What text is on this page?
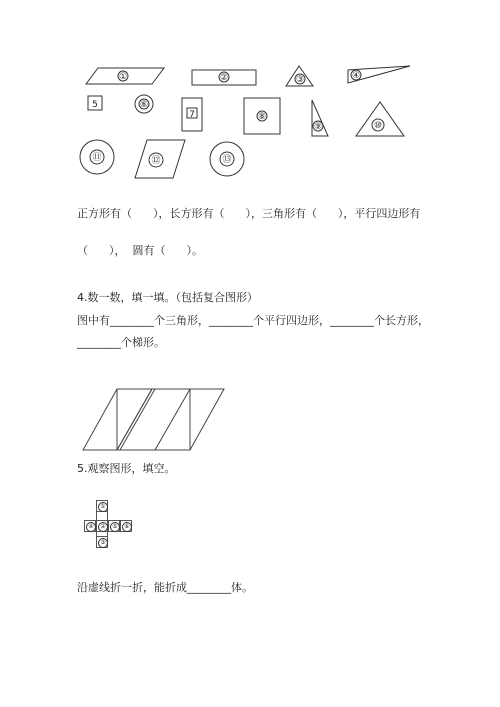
①	②	③	④
5	⑥
7	⑧
⑨	⑩
⑪	⑫	⑬
正方形有（      ），长方形有（      ），三角形有（      ），平行四边形有
（      ），  圆有（      ）。
4.数一数，填一填。（包括复合图形）
图中有________个三角形，________个平行四边形，________个长方形，
________个梯形。
5.观察图形，填空。
①
④	②	⑤	⑥
③
沿虚线折一折，能折成________体。
